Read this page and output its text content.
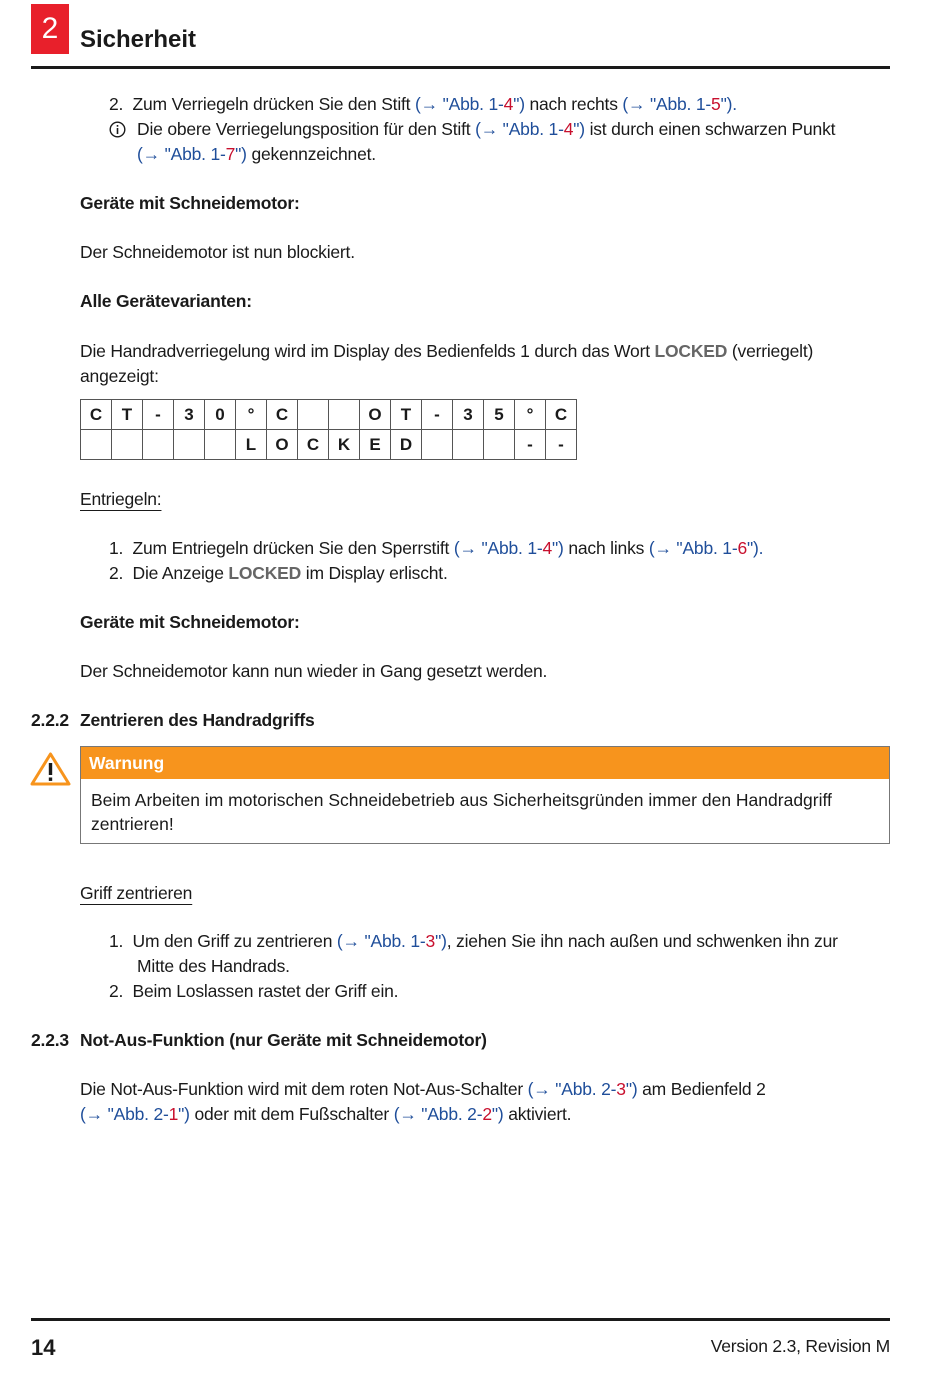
2 Sicherheit
2. Zum Verriegeln drücken Sie den Stift (→ "Abb. 1-4") nach rechts (→ "Abb. 1-5").
Die obere Verriegelungsposition für den Stift (→ "Abb. 1-4") ist durch einen schwarzen Punkt
(→ "Abb. 1-7") gekennzeichnet.
Geräte mit Schneidemotor:
Der Schneidemotor ist nun blockiert.
Alle Gerätevarianten:
Die Handradverriegelung wird im Display des Bedienfelds 1 durch das Wort LOCKED (verriegelt)
angezeigt:
C	T	-	3	0	°	C			O	T	-	3	5	°	C
					L	O	C	K	E	D				-	-
Entriegeln:
1. Zum Entriegeln drücken Sie den Sperrstift (→ "Abb. 1-4") nach links (→ "Abb. 1-6").
2. Die Anzeige LOCKED im Display erlischt.
Geräte mit Schneidemotor:
Der Schneidemotor kann nun wieder in Gang gesetzt werden.
2.2.2 Zentrieren des Handradgriffs
Warnung
Beim Arbeiten im motorischen Schneidebetrieb aus Sicherheitsgründen immer den Handradgriff zentrieren!
Griff zentrieren
1. Um den Griff zu zentrieren (→ "Abb. 1-3"), ziehen Sie ihn nach außen und schwenken ihn zur
Mitte des Handrads.
2. Beim Loslassen rastet der Griff ein.
2.2.3 Not-Aus-Funktion (nur Geräte mit Schneidemotor)
Die Not-Aus-Funktion wird mit dem roten Not-Aus-Schalter (→ "Abb. 2-3") am Bedienfeld 2
(→ "Abb. 2-1") oder mit dem Fußschalter (→ "Abb. 2-2") aktiviert.
14	Version 2.3, Revision M
